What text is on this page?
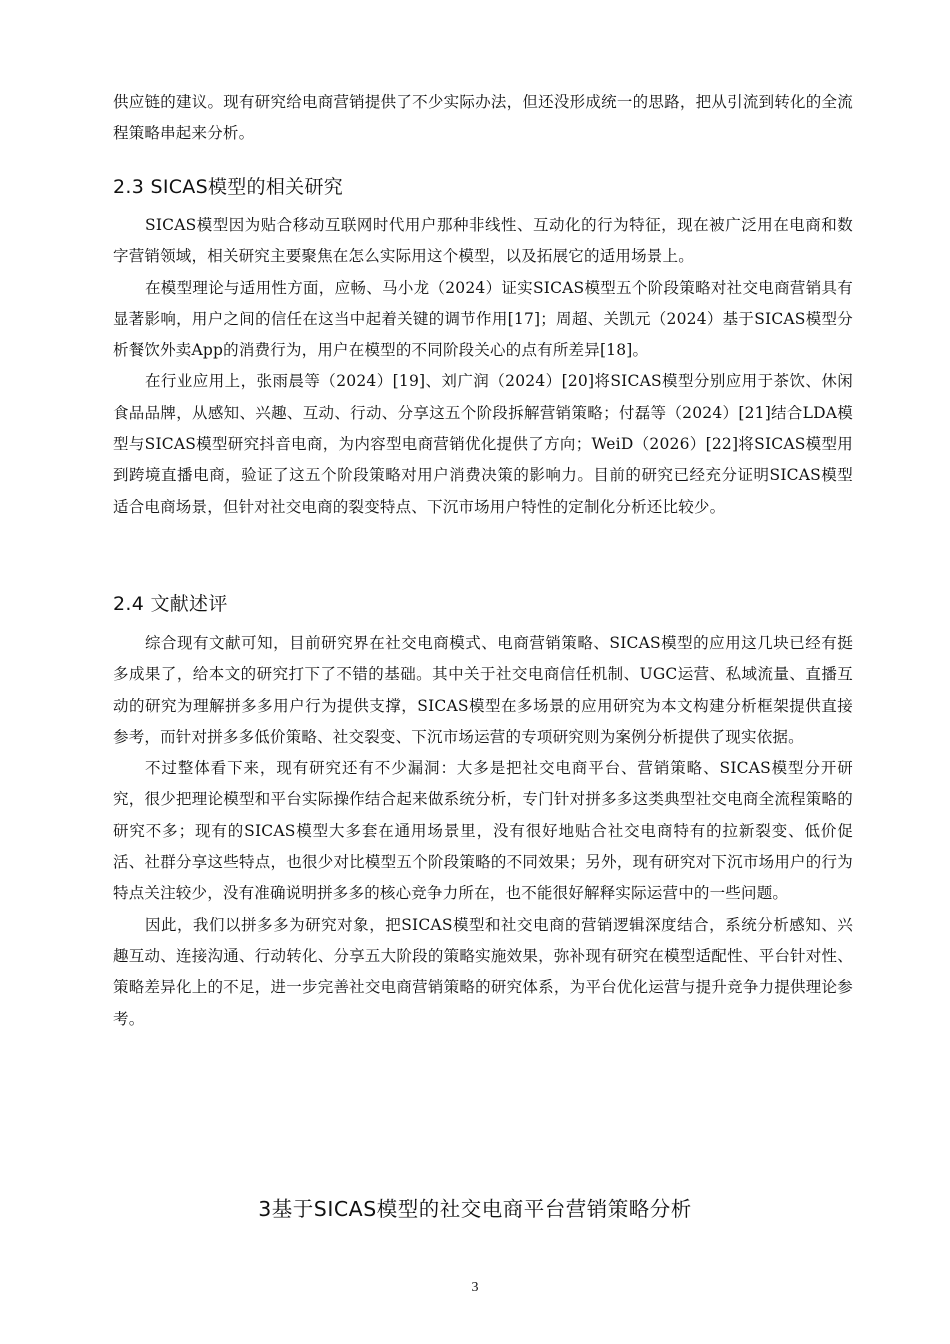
供应链的建议。现有研究给电商营销提供了不少实际办法，但还没形成统一的思路，把从引流到转化的全流程策略串起来分析。

2.3 SICAS模型的相关研究

SICAS模型因为贴合移动互联网时代用户那种非线性、互动化的行为特征，现在被广泛用在电商和数字营销领域，相关研究主要聚焦在怎么实际用这个模型，以及拓展它的适用场景上。

在模型理论与适用性方面，应畅、马小龙（2024）证实SICAS模型五个阶段策略对社交电商营销具有显著影响，用户之间的信任在这当中起着关键的调节作用[17]；周超、关凯元（2024）基于SICAS模型分析餐饮外卖App的消费行为，用户在模型的不同阶段关心的点有所差异[18]。

在行业应用上，张雨晨等（2024）[19]、刘广润（2024）[20]将SICAS模型分别应用于茶饮、休闲食品品牌，从感知、兴趣、互动、行动、分享这五个阶段拆解营销策略；付磊等（2024）[21]结合LDA模型与SICAS模型研究抖音电商，为内容型电商营销优化提供了方向；WeiD（2026）[22]将SICAS模型用到跨境直播电商，验证了这五个阶段策略对用户消费决策的影响力。目前的研究已经充分证明SICAS模型适合电商场景，但针对社交电商的裂变特点、下沉市场用户特性的定制化分析还比较少。

2.4 文献述评

综合现有文献可知，目前研究界在社交电商模式、电商营销策略、SICAS模型的应用这几块已经有挺多成果了，给本文的研究打下了不错的基础。其中关于社交电商信任机制、UGC运营、私域流量、直播互动的研究为理解拼多多用户行为提供支撑，SICAS模型在多场景的应用研究为本文构建分析框架提供直接参考，而针对拼多多低价策略、社交裂变、下沉市场运营的专项研究则为案例分析提供了现实依据。

不过整体看下来，现有研究还有不少漏洞：大多是把社交电商平台、营销策略、SICAS模型分开研究，很少把理论模型和平台实际操作结合起来做系统分析，专门针对拼多多这类典型社交电商全流程策略的研究不多；现有的SICAS模型大多套在通用场景里，没有很好地贴合社交电商特有的拉新裂变、低价促活、社群分享这些特点，也很少对比模型五个阶段策略的不同效果；另外，现有研究对下沉市场用户的行为特点关注较少，没有准确说明拼多多的核心竞争力所在，也不能很好解释实际运营中的一些问题。

因此，我们以拼多多为研究对象，把SICAS模型和社交电商的营销逻辑深度结合，系统分析感知、兴趣互动、连接沟通、行动转化、分享五大阶段的策略实施效果，弥补现有研究在模型适配性、平台针对性、策略差异化上的不足，进一步完善社交电商营销策略的研究体系，为平台优化运营与提升竞争力提供理论参考。

3基于SICAS模型的社交电商平台营销策略分析
3
